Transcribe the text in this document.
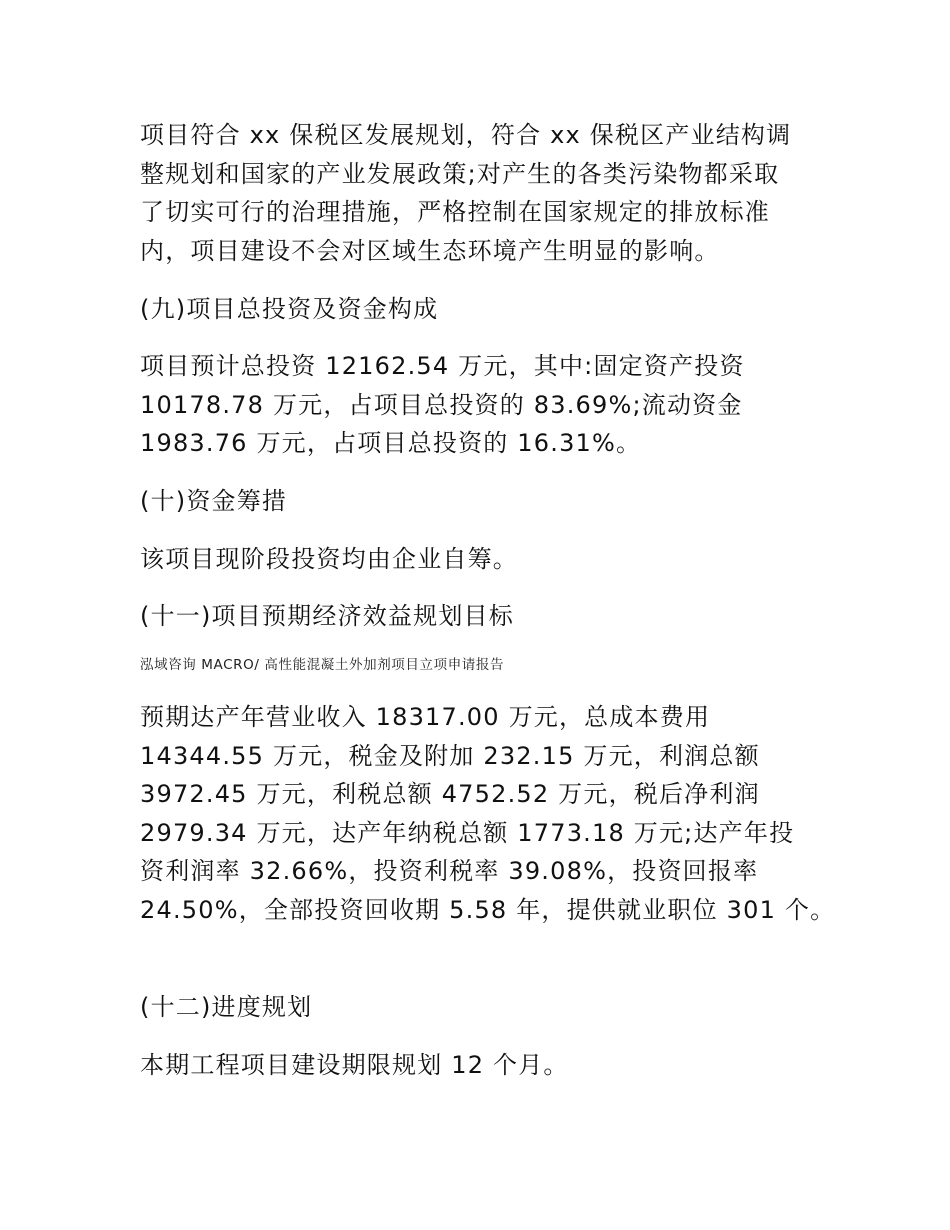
项目符合 xx 保税区发展规划，符合 xx 保税区产业结构调
整规划和国家的产业发展政策;对产生的各类污染物都采取
了切实可行的治理措施，严格控制在国家规定的排放标准
内，项目建设不会对区域生态环境产生明显的影响。
(九)项目总投资及资金构成
项目预计总投资 12162.54 万元，其中:固定资产投资
10178.78 万元，占项目总投资的 83.69%;流动资金
1983.76 万元，占项目总投资的 16.31%。
(十)资金筹措
该项目现阶段投资均由企业自筹。
(十一)项目预期经济效益规划目标
泓域咨询 MACRO/ 高性能混凝土外加剂项目立项申请报告
预期达产年营业收入 18317.00 万元，总成本费用
14344.55 万元，税金及附加 232.15 万元，利润总额
3972.45 万元，利税总额 4752.52 万元，税后净利润
2979.34 万元，达产年纳税总额 1773.18 万元;达产年投
资利润率 32.66%，投资利税率 39.08%，投资回报率
24.50%，全部投资回收期 5.58 年，提供就业职位 301 个。
(十二)进度规划
本期工程项目建设期限规划 12 个月。
